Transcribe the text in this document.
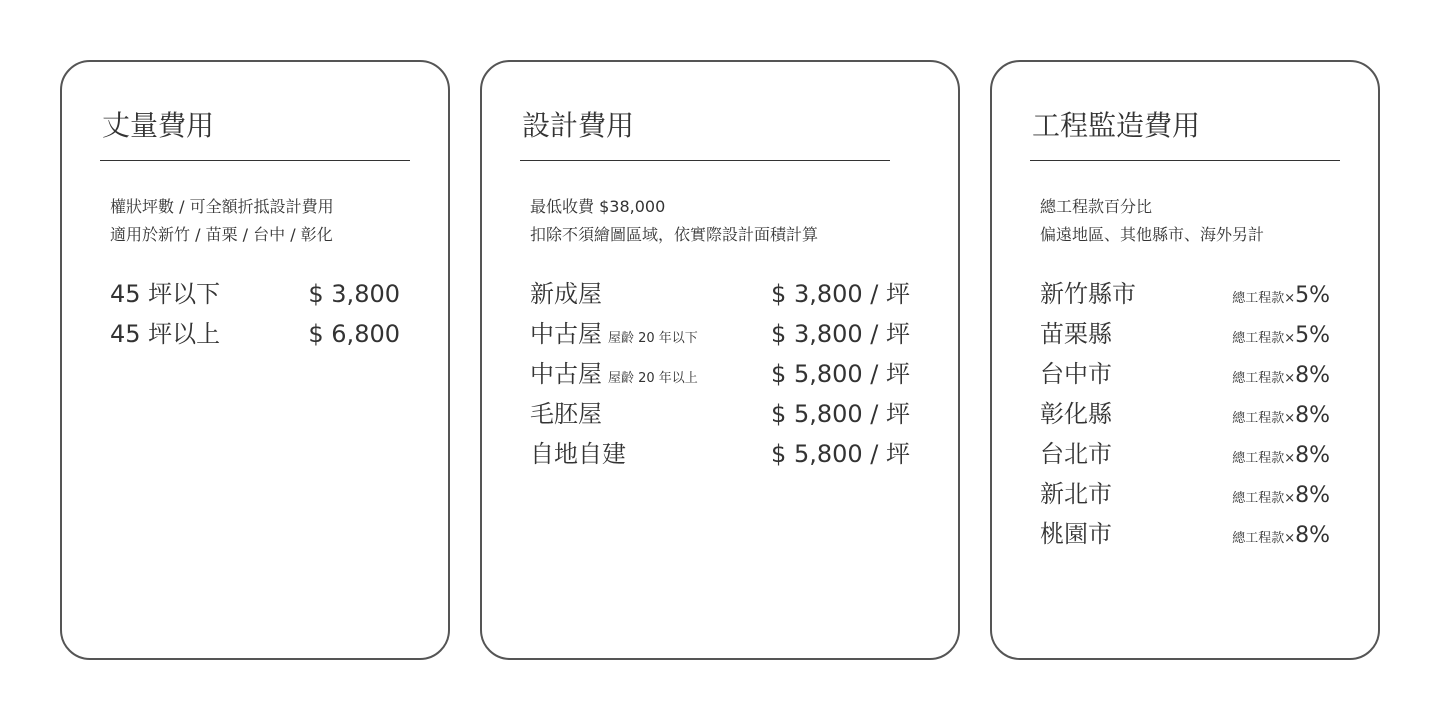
丈量費用
權狀坪數 / 可全額折抵設計費用
適用於新竹 / 苗栗 / 台中 / 彰化
45 坪以下	$ 3,800
45 坪以上	$ 6,800
設計費用
最低收費 $38,000
扣除不須繪圖區域，依實際設計面積計算
新成屋	$ 3,800 / 坪
中古屋 屋齡 20 年以下	$ 3,800 / 坪
中古屋 屋齡 20 年以上	$ 5,800 / 坪
毛胚屋	$ 5,800 / 坪
自地自建	$ 5,800 / 坪
工程監造費用
總工程款百分比
偏遠地區、其他縣市、海外另計
新竹縣市	總工程款× 5%
苗栗縣	總工程款× 5%
台中市	總工程款× 8%
彰化縣	總工程款× 8%
台北市	總工程款× 8%
新北市	總工程款× 8%
桃園市	總工程款× 8%
